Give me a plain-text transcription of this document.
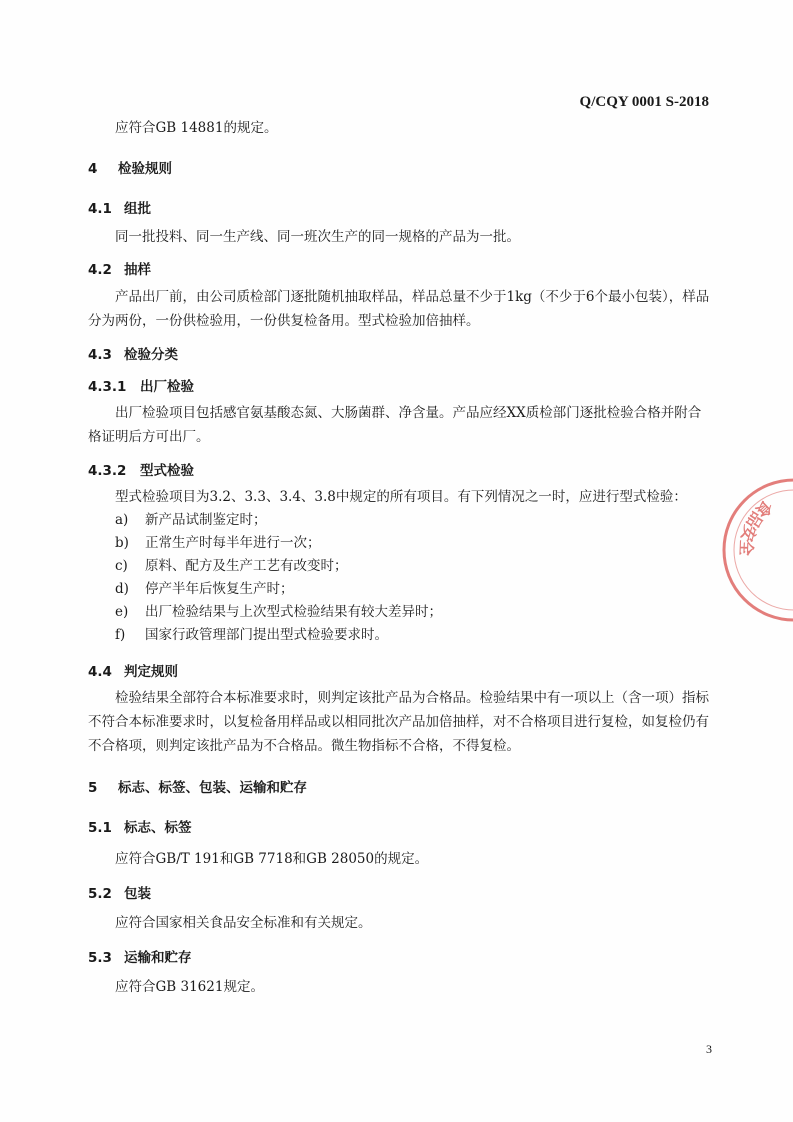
Q/CQY 0001 S-2018

应符合GB 14881的规定。

4 检验规则

4.1 组批

同一批投料、同一生产线、同一班次生产的同一规格的产品为一批。

4.2 抽样

产品出厂前，由公司质检部门逐批随机抽取样品，样品总量不少于1kg（不少于6个最小包装），样品分为两份，一份供检验用，一份供复检备用。型式检验加倍抽样。

4.3 检验分类

4.3.1 出厂检验

出厂检验项目包括感官氨基酸态氮、大肠菌群、净含量。产品应经XX质检部门逐批检验合格并附合格证明后方可出厂。

4.3.2 型式检验

型式检验项目为3.2、3.3、3.4、3.8中规定的所有项目。有下列情况之一时，应进行型式检验：

a) 新产品试制鉴定时；
b) 正常生产时每半年进行一次；
c) 原料、配方及生产工艺有改变时；
d) 停产半年后恢复生产时；
e) 出厂检验结果与上次型式检验结果有较大差异时；
f) 国家行政管理部门提出型式检验要求时。

4.4 判定规则

检验结果全部符合本标准要求时，则判定该批产品为合格品。检验结果中有一项以上（含一项）指标不符合本标准要求时，以复检备用样品或以相同批次产品加倍抽样，对不合格项目进行复检，如复检仍有不合格项，则判定该批产品为不合格品。微生物指标不合格，不得复检。

5 标志、标签、包装、运输和贮存

5.1 标志、标签

应符合GB/T 191和GB 7718和GB 28050的规定。

5.2 包装

应符合国家相关食品安全标准和有关规定。

5.3 运输和贮存

应符合GB 31621规定。

食品安全
3
